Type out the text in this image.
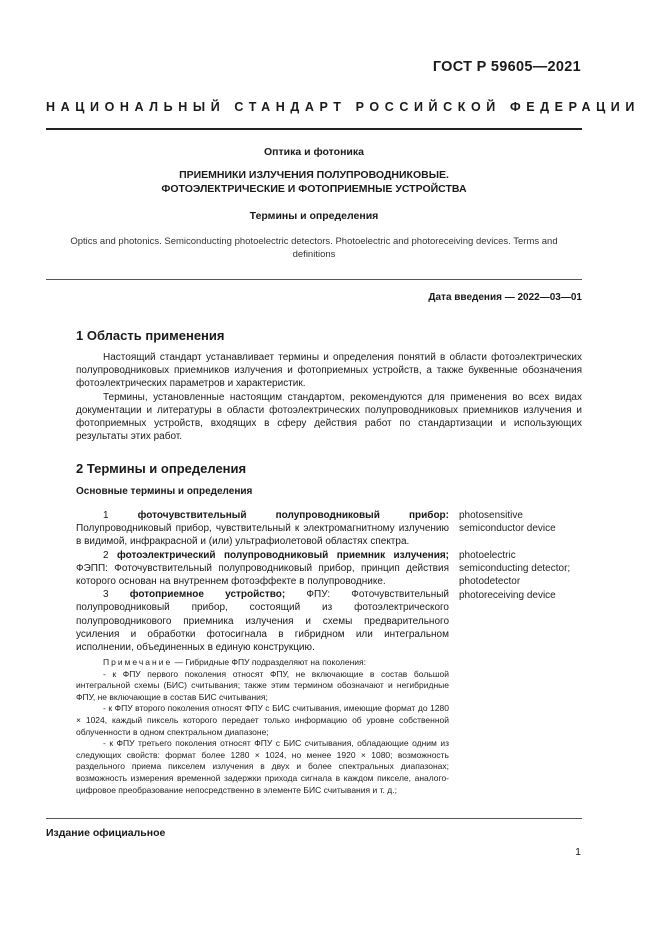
ГОСТ Р 59605—2021
НАЦИОНАЛЬНЫЙ СТАНДАРТ РОССИЙСКОЙ ФЕДЕРАЦИИ
Оптика и фотоника
ПРИЕМНИКИ ИЗЛУЧЕНИЯ ПОЛУПРОВОДНИКОВЫЕ.
ФОТОЭЛЕКТРИЧЕСКИЕ И ФОТОПРИЕМНЫЕ УСТРОЙСТВА
Термины и определения
Optics and photonics. Semiconducting photoelectric detectors. Photoelectric and photoreceiving devices. Terms and
definitions
Дата введения — 2022—03—01
1 Область применения

Настоящий стандарт устанавливает термины и определения понятий в области фотоэлектрических полупроводниковых приемников излучения и фотоприемных устройств, а также буквенные обозначения фотоэлектрических параметров и характеристик.

Термины, установленные настоящим стандартом, рекомендуются для применения во всех видах документации и литературы в области фотоэлектрических полупроводниковых приемников излучения и фотоприемных устройств, входящих в сферу действия работ по стандартизации и использующих результаты этих работ.

2 Термины и определения
Основные термины и определения

1	фоточувствительный полупроводниковый прибор: Полупроводниковый прибор, чувствительный к электромагнитному излучению в видимой, инфракрасной и (или) ультрафиолетовой областях спектра.

2 фотоэлектрический полупроводниковый приемник излучения; ФЭПП: Фоточувствительный полупроводниковый прибор, принцип действия которого основан на внутреннем фотоэффекте в полупроводнике.

3 фотоприемное устройство; ФПУ: Фоточувствительный полупроводниковый прибор, состоящий из фотоэлектрического полупроводникового приемника излучения и схемы предварительного усиления и обработки фотосигнала в гибридном или интегральном исполнении, объединенных в единую конструкцию.

photosensitive semiconductor device
photoelectric semiconducting detector; photodetector
photoreceiving device

Примечание — Гибридные ФПУ подразделяют на поколения:

- к ФПУ первого поколения относят ФПУ, не включающие в состав большой интегральной схемы (БИС) считывания; также этим термином обозначают и негибридные ФПУ, не включающие в состав БИС считывания;

- к ФПУ второго поколения относят ФПУ с БИС считывания, имеющие формат до 1280 × 1024, каждый пиксель которого передает только информацию об уровне собственной облученности в одном спектральном диапазоне;

- к ФПУ третьего поколения относят ФПУ с БИС считывания, обладающие одним из следующих свойств: формат более 1280 × 1024, но менее 1920 × 1080; возможность раздельного приема пикселем излучения в двух и более спектральных диапазонах; возможность измерения временной задержки прихода сигнала в каждом пикселе, аналого-цифровое преобразование непосредственно в элементе БИС считывания и т. д.;

Издание официальное
1
